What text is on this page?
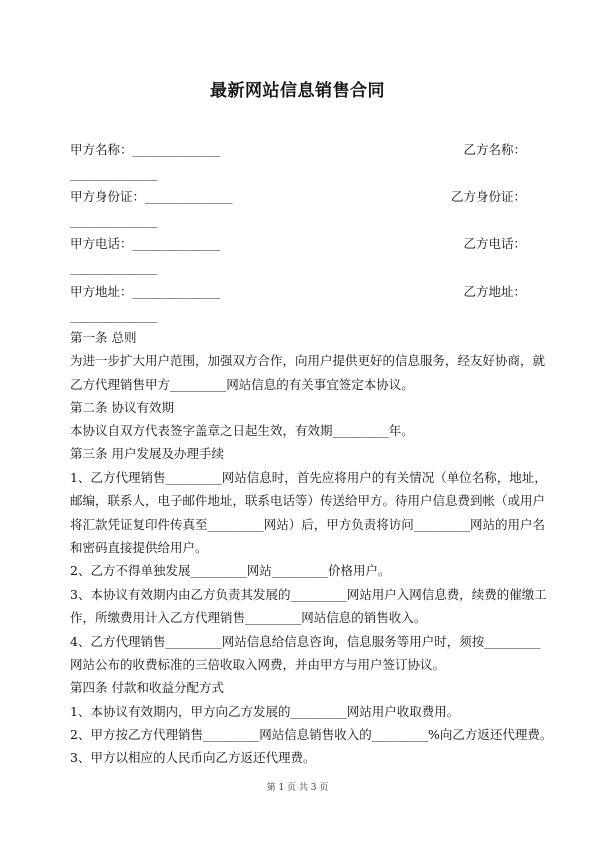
最新网站信息销售合同
甲方名称：______________	乙方名称：
______________
甲方身份证：______________	乙方身份证：
______________
甲方电话：______________	乙方电话：
______________
甲方地址：______________	乙方地址：
______________
第一条 总则
为进一步扩大用户范围，加强双方合作，向用户提供更好的信息服务，经友好协商，就
乙方代理销售甲方_________网站信息的有关事宜签定本协议。
第二条 协议有效期
本协议自双方代表签字盖章之日起生效，有效期_________年。
第三条 用户发展及办理手续
1、乙方代理销售_________网站信息时，首先应将用户的有关情况（单位名称，地址，
邮编，联系人，电子邮件地址，联系电话等）传送给甲方。待用户信息费到帐（或用户
将汇款凭证复印件传真至_________网站）后，甲方负责将访问_________网站的用户名
和密码直接提供给用户。
2、乙方不得单独发展_________网站_________价格用户。
3、本协议有效期内由乙方负责其发展的_________网站用户入网信息费，续费的催缴工
作，所缴费用计入乙方代理销售_________网站信息的销售收入。
4、乙方代理销售_________网站信息给信息咨询，信息服务等用户时，须按_________
网站公布的收费标准的三倍收取入网费，并由甲方与用户签订协议。
第四条 付款和收益分配方式
1、本协议有效期内，甲方向乙方发展的_________网站用户收取费用。
2、甲方按乙方代理销售_________网站信息销售收入的_________%向乙方返还代理费。
3、甲方以相应的人民币向乙方返还代理费。
第 1 页 共 3 页
